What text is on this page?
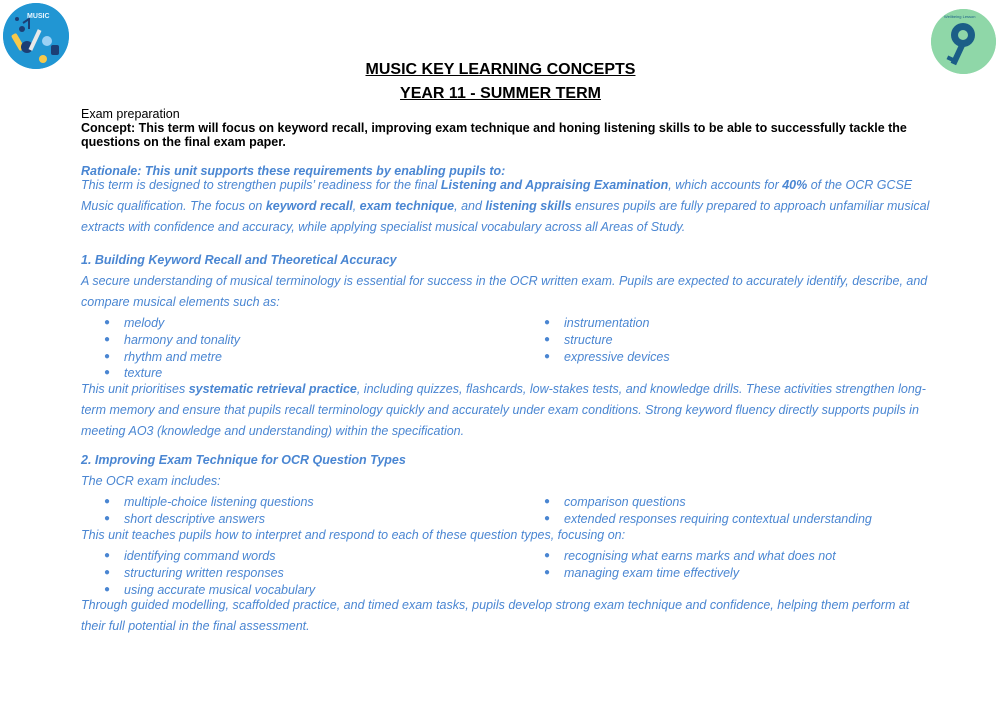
MUSIC	Wellbeing Lesson
MUSIC KEY LEARNING CONCEPTS
YEAR 11 - SUMMER TERM
Exam preparation
Concept: This term will focus on keyword recall, improving exam technique and honing listening skills to be able to successfully tackle the questions on the final exam paper.
Rationale: This unit supports these requirements by enabling pupils to:
This term is designed to strengthen pupils’ readiness for the final Listening and Appraising Examination, which accounts for 40% of the OCR GCSE Music qualification. The focus on keyword recall, exam technique, and listening skills ensures pupils are fully prepared to approach unfamiliar musical extracts with confidence and accuracy, while applying specialist musical vocabulary across all Areas of Study.
1. Building Keyword Recall and Theoretical Accuracy
A secure understanding of musical terminology is essential for success in the OCR written exam. Pupils are expected to accurately identify, describe, and compare musical elements such as:
● melody
● harmony and tonality
● rhythm and metre
● texture
● instrumentation
● structure
● expressive devices
This unit prioritises systematic retrieval practice, including quizzes, flashcards, low-stakes tests, and knowledge drills. These activities strengthen long-term memory and ensure that pupils recall terminology quickly and accurately under exam conditions. Strong keyword fluency directly supports pupils in meeting AO3 (knowledge and understanding) within the specification.
2. Improving Exam Technique for OCR Question Types
The OCR exam includes:
● multiple-choice listening questions
● short descriptive answers
● comparison questions
● extended responses requiring contextual understanding
This unit teaches pupils how to interpret and respond to each of these question types, focusing on:
● identifying command words
● structuring written responses
● using accurate musical vocabulary
● recognising what earns marks and what does not
● managing exam time effectively
Through guided modelling, scaffolded practice, and timed exam tasks, pupils develop strong exam technique and confidence, helping them perform at their full potential in the final assessment.
